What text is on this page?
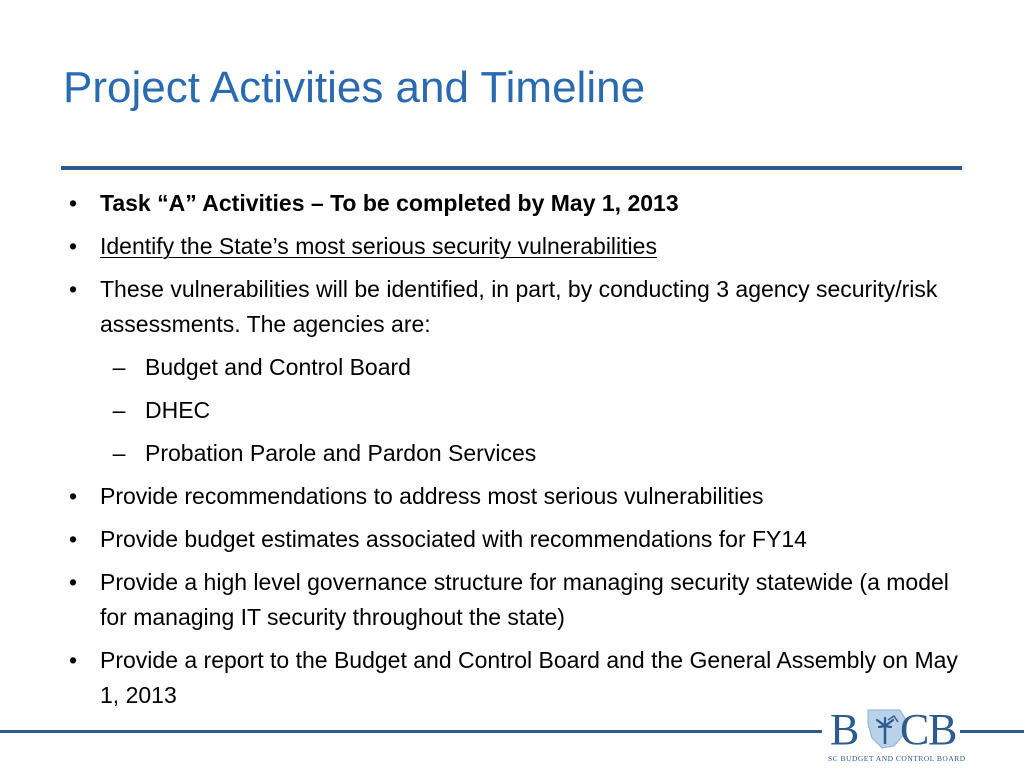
Project Activities and Timeline
• Task “A” Activities – To be completed by May 1, 2013
• Identify the State’s most serious security vulnerabilities
• These vulnerabilities will be identified, in part, by conducting 3 agency security/risk assessments. The agencies are:
– Budget and Control Board
– DHEC
– Probation Parole and Pardon Services
• Provide recommendations to address most serious vulnerabilities
• Provide budget estimates associated with recommendations for FY14
• Provide a high level governance structure for managing security statewide (a model for managing IT security throughout the state)
• Provide a report to the Budget and Control Board and the General Assembly on May 1, 2013
B C
B
SC BUDGET AND CONTROL BOARD
